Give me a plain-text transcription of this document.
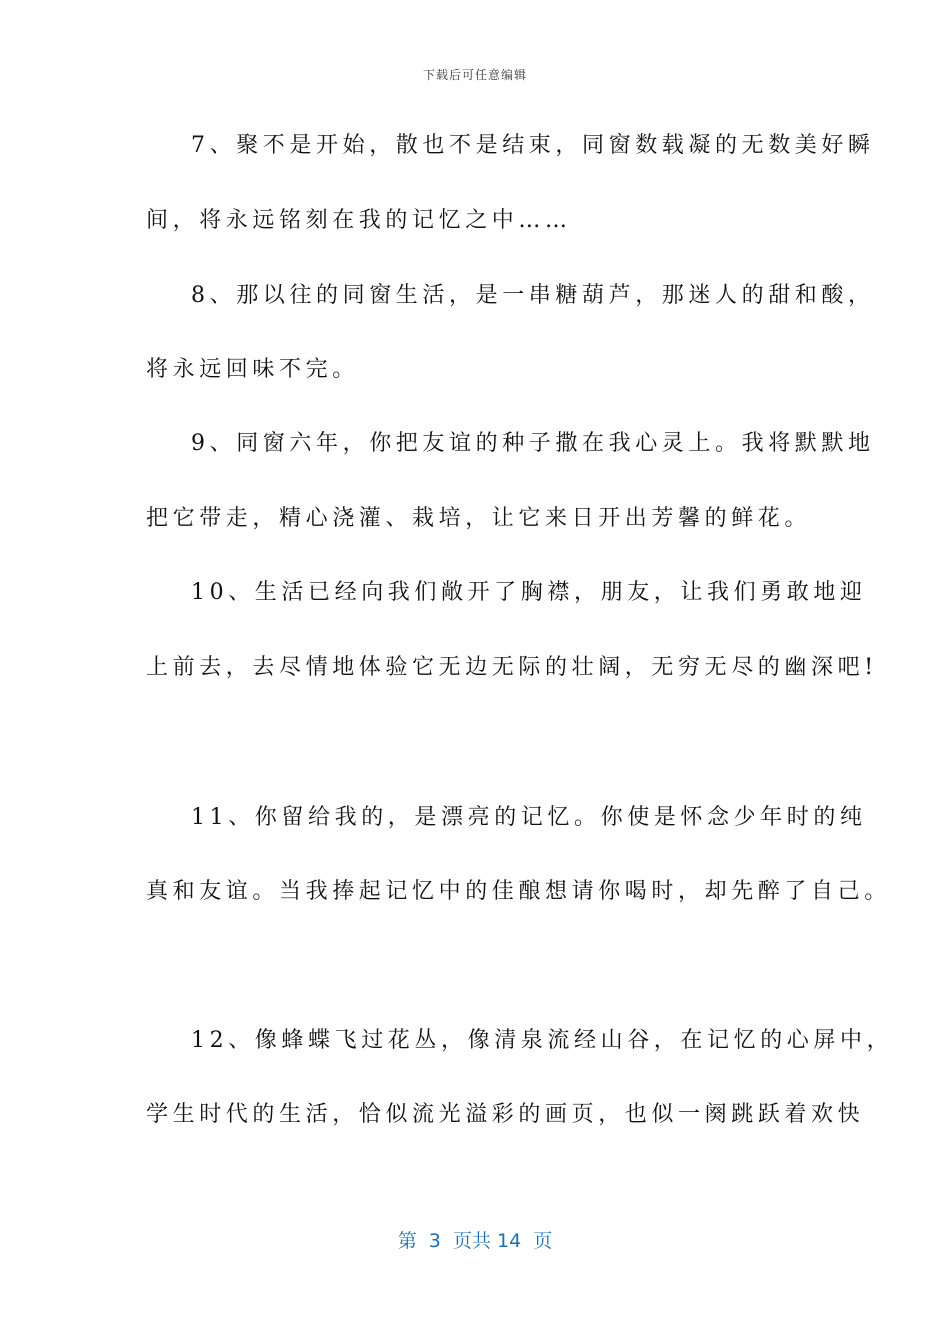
下载后可任意编辑
7、聚不是开始，散也不是结束，同窗数载凝的无数美好瞬
间，将永远铭刻在我的记忆之中……
8、那以往的同窗生活，是一串糖葫芦，那迷人的甜和酸，
将永远回味不完。
9、同窗六年，你把友谊的种子撒在我心灵上。我将默默地
把它带走，精心浇灌、栽培，让它来日开出芳馨的鲜花。
10、生活已经向我们敞开了胸襟，朋友，让我们勇敢地迎
上前去，去尽情地体验它无边无际的壮阔，无穷无尽的幽深吧!
11、你留给我的，是漂亮的记忆。你使是怀念少年时的纯
真和友谊。当我捧起记忆中的佳酿想请你喝时，却先醉了自己。
12、像蜂蝶飞过花丛，像清泉流经山谷，在记忆的心屏中，
学生时代的生活，恰似流光溢彩的画页，也似一阕跳跃着欢快
第  3  页共 14  页
